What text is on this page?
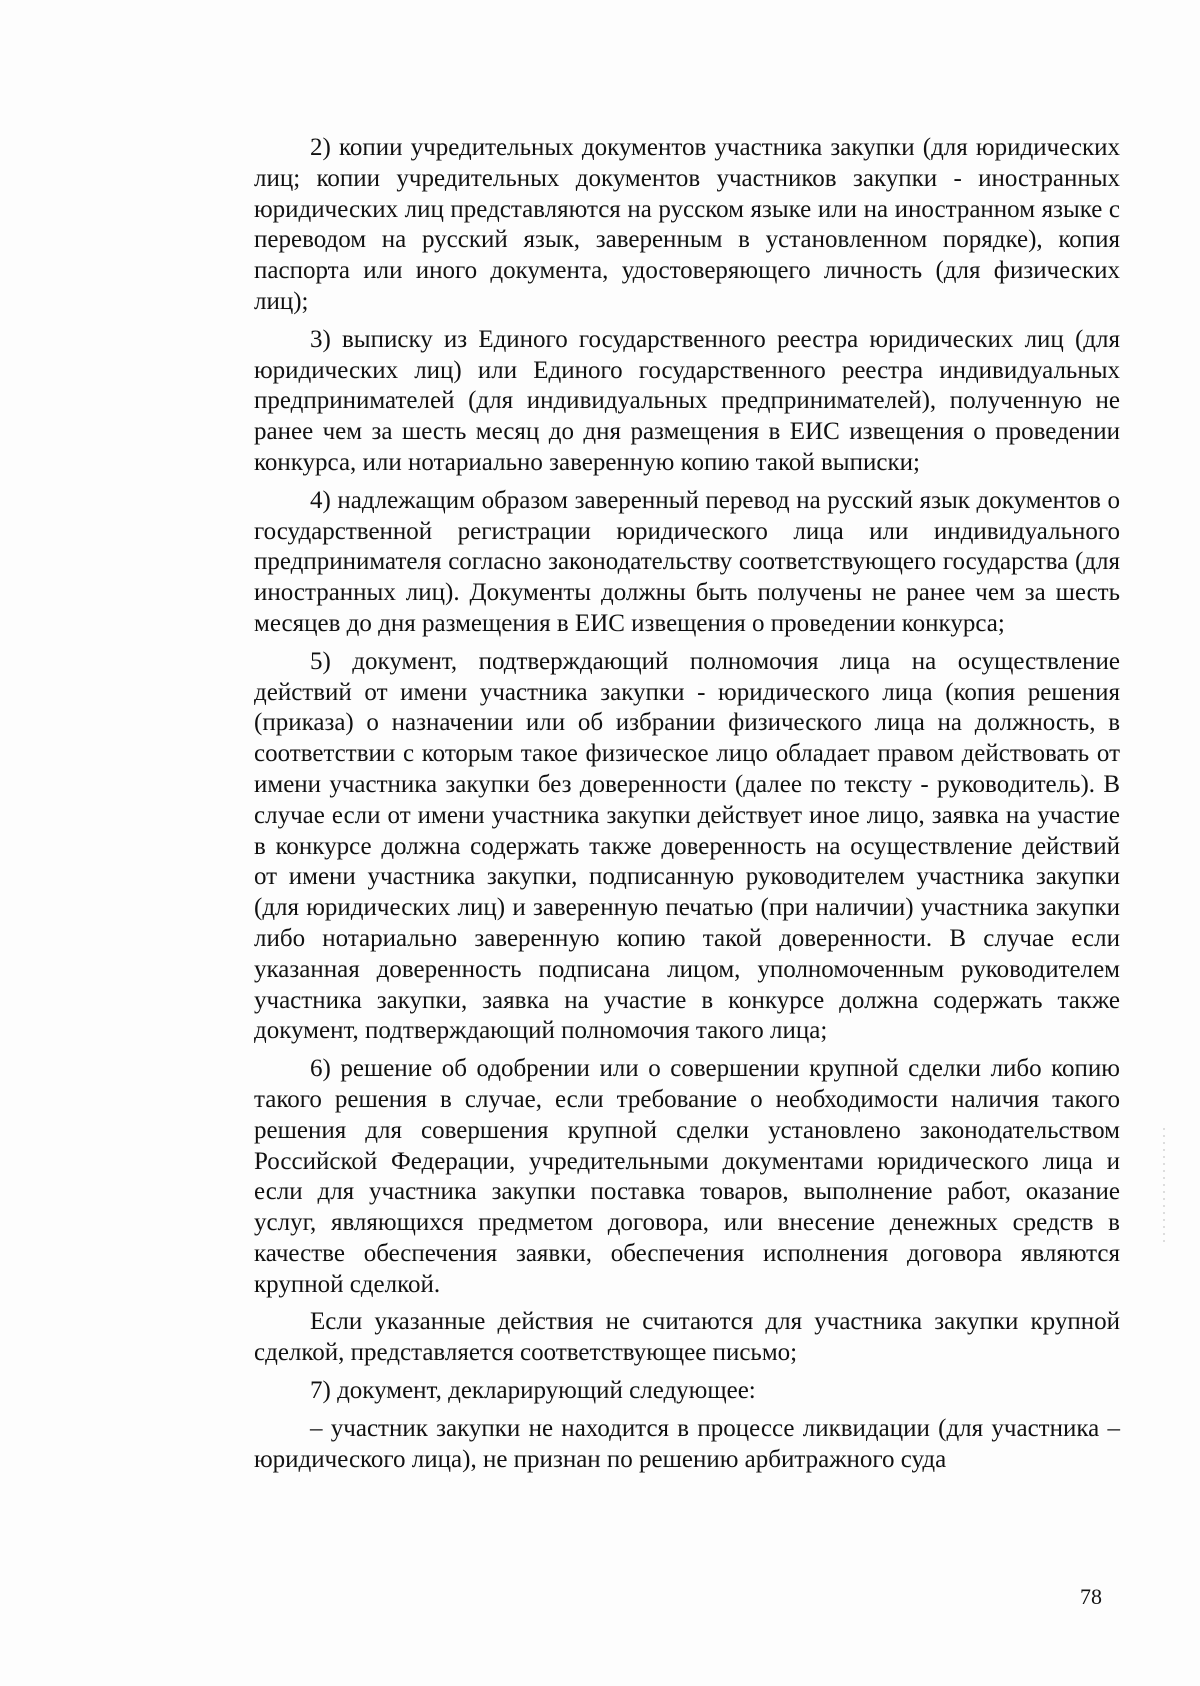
2) копии учредительных документов участника закупки (для юридических лиц; копии учредительных документов участников закупки - иностранных юридических лиц представляются на русском языке или на иностранном языке с переводом на русский язык, заверенным в установленном порядке), копия паспорта или иного документа, удостоверяющего личность (для физических лиц);

3) выписку из Единого государственного реестра юридических лиц (для юридических лиц) или Единого государственного реестра индивидуальных предпринимателей (для индивидуальных предпринимателей), полученную не ранее чем за шесть месяц до дня размещения в ЕИС извещения о проведении конкурса, или нотариально заверенную копию такой выписки;

4) надлежащим образом заверенный перевод на русский язык документов о государственной регистрации юридического лица или индивидуального предпринимателя согласно законодательству соответствующего государства (для иностранных лиц). Документы должны быть получены не ранее чем за шесть месяцев до дня размещения в ЕИС извещения о проведении конкурса;

5) документ, подтверждающий полномочия лица на осуществление действий от имени участника закупки - юридического лица (копия решения (приказа) о назначении или об избрании физического лица на должность, в соответствии с которым такое физическое лицо обладает правом действовать от имени участника закупки без доверенности (далее по тексту - руководитель). В случае если от имени участника закупки действует иное лицо, заявка на участие в конкурсе должна содержать также доверенность на осуществление действий от имени участника закупки, подписанную руководителем участника закупки (для юридических лиц) и заверенную печатью (при наличии) участника закупки либо нотариально заверенную копию такой доверенности. В случае если указанная доверенность подписана лицом, уполномоченным руководителем участника закупки, заявка на участие в конкурсе должна содержать также документ, подтверждающий полномочия такого лица;

6) решение об одобрении или о совершении крупной сделки либо копию такого решения в случае, если требование о необходимости наличия такого решения для совершения крупной сделки установлено законодательством Российской Федерации, учредительными документами юридического лица и если для участника закупки поставка товаров, выполнение работ, оказание услуг, являющихся предметом договора, или внесение денежных средств в качестве обеспечения заявки, обеспечения исполнения договора являются крупной сделкой.

Если указанные действия не считаются для участника закупки крупной сделкой, представляется соответствующее письмо;

7) документ, декларирующий следующее:

– участник закупки не находится в процессе ликвидации (для участника – юридического лица), не признан по решению арбитражного суда

78
